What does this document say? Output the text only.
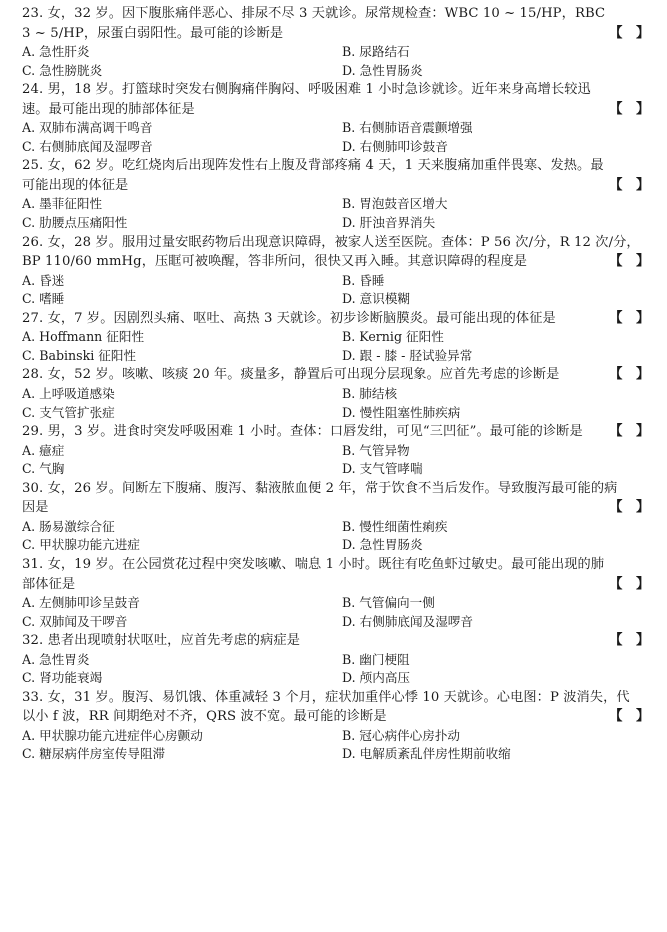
23. 女，32 岁。因下腹胀痛伴恶心、排尿不尽 3 天就诊。尿常规检查：WBC 10 ~ 15/HP，RBC
【　】
3 ~ 5/HP，尿蛋白弱阳性。最可能的诊断是
A. 急性肝炎	B. 尿路结石
C. 急性膀胱炎	D. 急性胃肠炎
24. 男，18 岁。打篮球时突发右侧胸痛伴胸闷、呼吸困难 1 小时急诊就诊。近年来身高增长较迅
【　】
速。最可能出现的肺部体征是
A. 双肺布满高调干鸣音	B. 右侧肺语音震颤增强
C. 右侧肺底闻及湿啰音	D. 右侧肺叩诊鼓音
25. 女，62 岁。吃红烧肉后出现阵发性右上腹及背部疼痛 4 天，1 天来腹痛加重伴畏寒、发热。最
【　】
可能出现的体征是
A. 墨菲征阳性	B. 胃泡鼓音区增大
C. 肋腰点压痛阳性	D. 肝浊音界消失
26. 女，28 岁。服用过量安眠药物后出现意识障碍，被家人送至医院。查体：P 56 次/分，R 12 次/分，
【　】
BP 110/60 mmHg，压眶可被唤醒，答非所问，很快又再入睡。其意识障碍的程度是
A. 昏迷	B. 昏睡
C. 嗜睡	D. 意识模糊
【　】
27. 女，7 岁。因剧烈头痛、呕吐、高热 3 天就诊。初步诊断脑膜炎。最可能出现的体征是
A. Hoffmann 征阳性	B. Kernig 征阳性
C. Babinski 征阳性	D. 跟 - 膝 - 胫试验异常
【　】
28. 女，52 岁。咳嗽、咳痰 20 年。痰量多，静置后可出现分层现象。应首先考虑的诊断是
A. 上呼吸道感染	B. 肺结核
C. 支气管扩张症	D. 慢性阻塞性肺疾病
【　】
29. 男，3 岁。进食时突发呼吸困难 1 小时。查体：口唇发绀，可见“三凹征”。最可能的诊断是
A. 癔症	B. 气管异物
C. 气胸	D. 支气管哮喘
30. 女，26 岁。间断左下腹痛、腹泻、黏液脓血便 2 年，常于饮食不当后发作。导致腹泻最可能的病
【　】
因是
A. 肠易激综合征	B. 慢性细菌性痢疾
C. 甲状腺功能亢进症	D. 急性胃肠炎
31. 女，19 岁。在公园赏花过程中突发咳嗽、喘息 1 小时。既往有吃鱼虾过敏史。最可能出现的肺
【　】
部体征是
A. 左侧肺叩诊呈鼓音	B. 气管偏向一侧
C. 双肺闻及干啰音	D. 右侧肺底闻及湿啰音
【　】
32. 患者出现喷射状呕吐，应首先考虑的病症是
A. 急性胃炎	B. 幽门梗阻
C. 肾功能衰竭	D. 颅内高压
33. 女，31 岁。腹泻、易饥饿、体重减轻 3 个月，症状加重伴心悸 10 天就诊。心电图：P 波消失，代
【　】
以小 f 波，RR 间期绝对不齐，QRS 波不宽。最可能的诊断是
A. 甲状腺功能亢进症伴心房颤动	B. 冠心病伴心房扑动
C. 糖尿病伴房室传导阻滞	D. 电解质紊乱伴房性期前收缩
